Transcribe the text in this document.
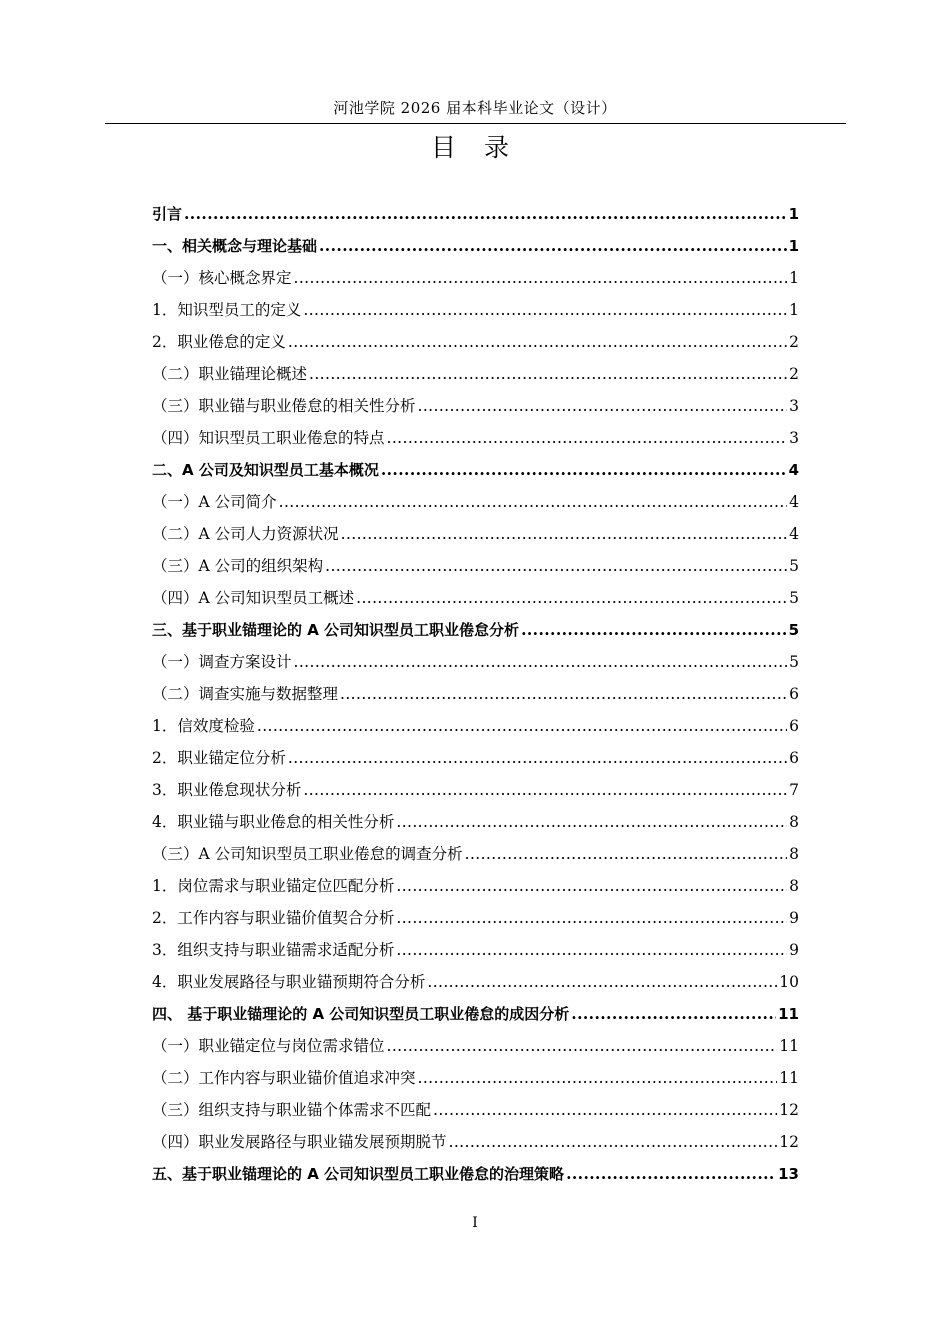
河池学院 2026 届本科毕业论文（设计）
目 录
引言 .....	1
一、相关概念与理论基础 .....	1
（一）核心概念界定 .....	1
1．知识型员工的定义 .....	1
2．职业倦怠的定义 .....	2
（二）职业锚理论概述 .....	2
（三）职业锚与职业倦怠的相关性分析 .....	3
（四）知识型员工职业倦怠的特点 .....	3
二、A 公司及知识型员工基本概况 .....	4
（一）A 公司简介 .....	4
（二）A 公司人力资源状况 .....	4
（三）A 公司的组织架构 .....	5
（四）A 公司知识型员工概述 .....	5
三、基于职业锚理论的 A 公司知识型员工职业倦怠分析 .....	5
（一）调查方案设计 .....	5
（二）调查实施与数据整理 .....	6
1．信效度检验 .....	6
2．职业锚定位分析 .....	6
3．职业倦怠现状分析 .....	7
4．职业锚与职业倦怠的相关性分析 .....	8
（三）A 公司知识型员工职业倦怠的调查分析 .....	8
1．岗位需求与职业锚定位匹配分析 .....	8
2．工作内容与职业锚价值契合分析 .....	9
3．组织支持与职业锚需求适配分析 .....	9
4．职业发展路径与职业锚预期符合分析 .....	10
四、 基于职业锚理论的 A 公司知识型员工职业倦怠的成因分析 .....	11
（一）职业锚定位与岗位需求错位 .....	11
（二）工作内容与职业锚价值追求冲突 .....	11
（三）组织支持与职业锚个体需求不匹配 .....	12
（四）职业发展路径与职业锚发展预期脱节 .....	12
五、基于职业锚理论的 A 公司知识型员工职业倦怠的治理策略 .....	13
I
